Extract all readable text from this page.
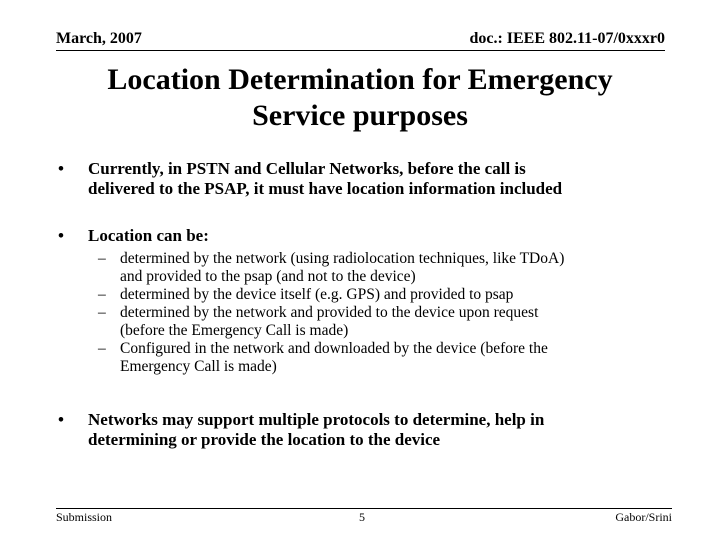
March, 2007	doc.: IEEE 802.11-07/0xxxr0
Location Determination for Emergency
Service purposes
• Currently, in PSTN and Cellular Networks, before the call is
delivered to the PSAP, it must have location information included
• Location can be:
– determined by the network (using radiolocation techniques, like TDoA)
and provided to the psap (and not to the device)
– determined by the device itself (e.g. GPS) and provided to psap
– determined by the network and provided to the device upon request
(before the Emergency Call is made)
– Configured in the network and downloaded by the device (before the
Emergency Call is made)
• Networks may support multiple protocols to determine, help in
determining or provide the location to the device
Submission	5	Gabor/Srini
